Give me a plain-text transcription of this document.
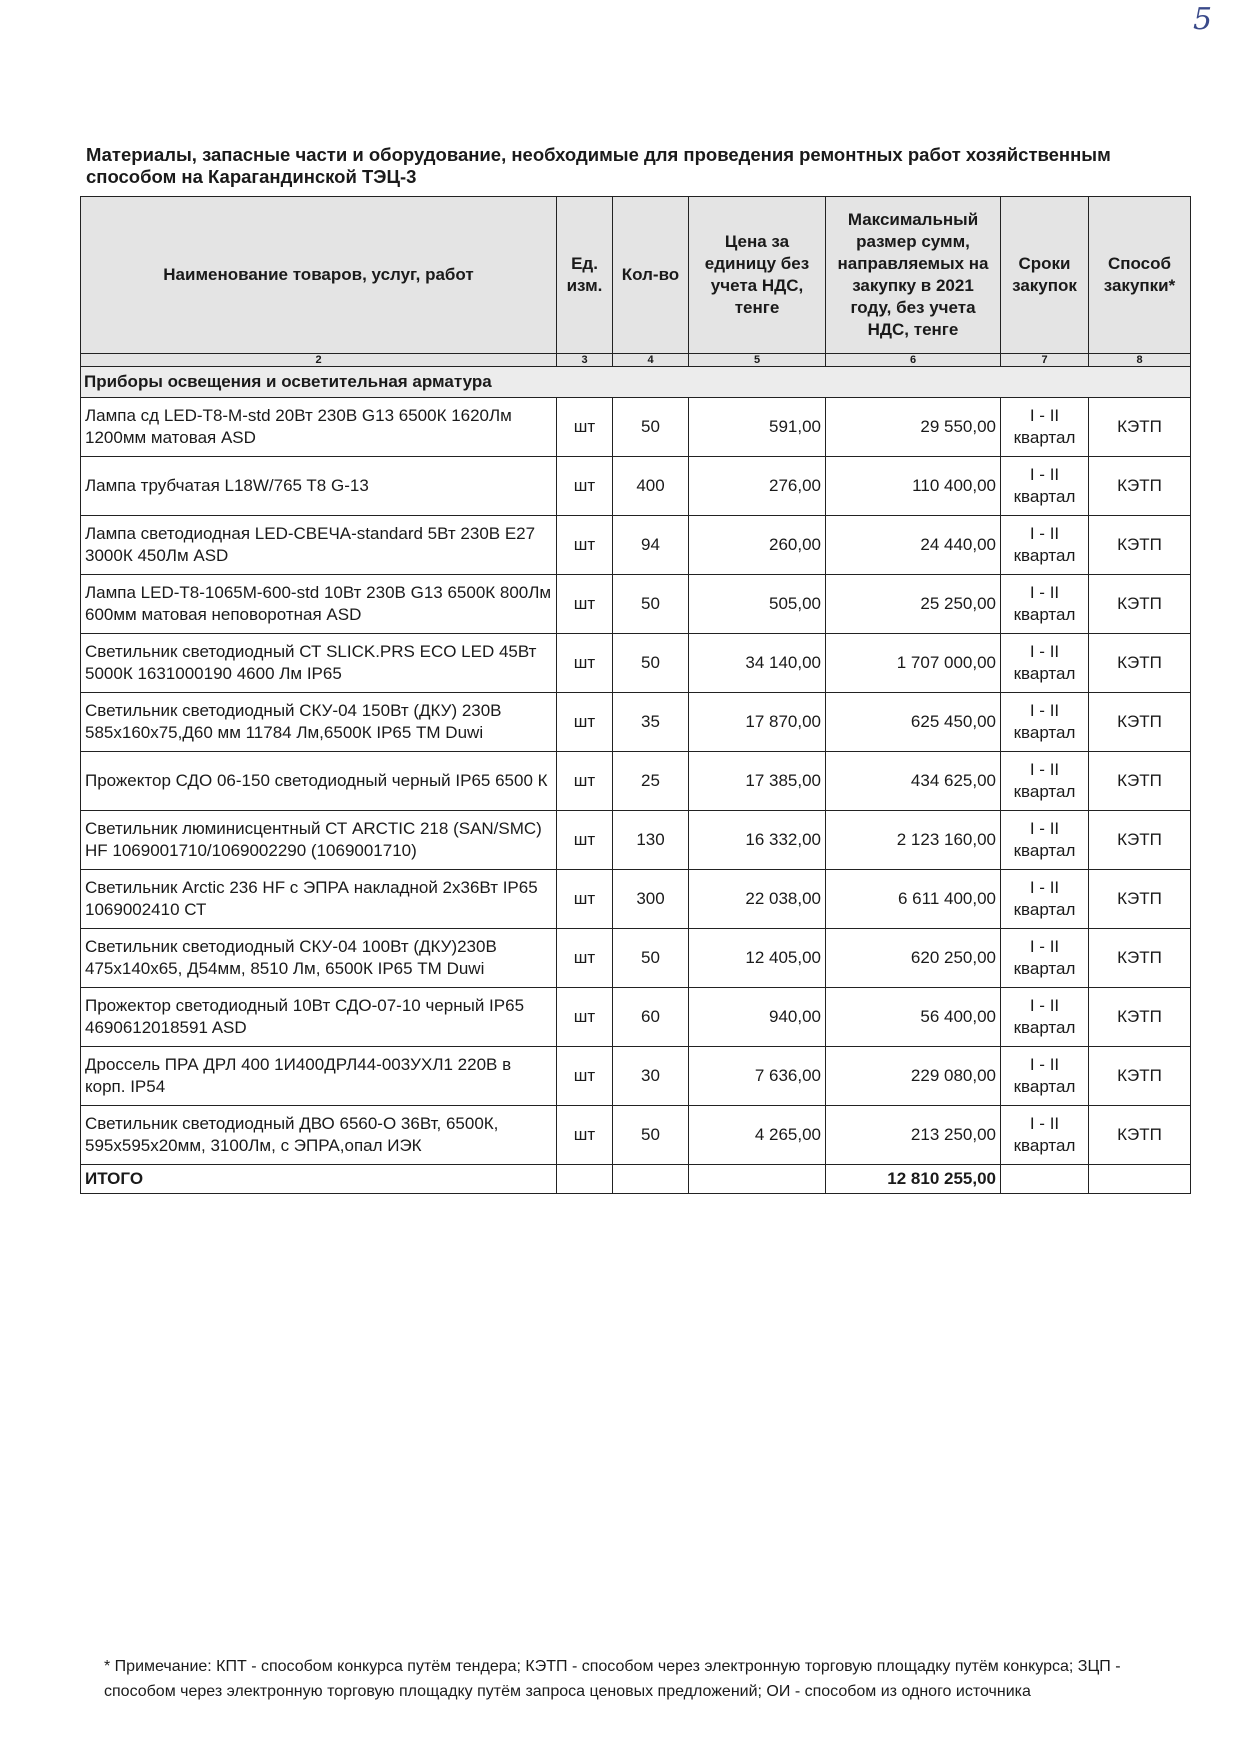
5
Материалы, запасные части и оборудование, необходимые для проведения ремонтных работ хозяйственным способом на Карагандинской ТЭЦ-3
Наименование товаров, услуг, работ	Ед. изм.	Кол-во	Цена за единицу без учета НДС, тенге	Максимальный размер сумм, направляемых на закупку в 2021 году, без учета НДС, тенге	Сроки закупок	Способ закупки*
2	3	4	5	6	7	8
Приборы освещения и осветительная арматура						
Лампа сд LED-T8-M-std 20Вт 230В G13 6500К 1620Лм 1200мм матовая ASD	шт	50	591,00	29 550,00	I - II квартал	КЭТП
Лампа трубчатая L18W/765 T8 G-13	шт	400	276,00	110 400,00	I - II квартал	КЭТП
Лампа светодиодная LED-СВЕЧА-standard 5Вт 230В E27 3000К 450Лм ASD	шт	94	260,00	24 440,00	I - II квартал	КЭТП
Лампа LED-T8-1065M-600-std 10Вт 230В G13 6500К 800Лм 600мм матовая неповоротная ASD	шт	50	505,00	25 250,00	I - II квартал	КЭТП
Светильник светодиодный СТ SLICK.PRS ECO LED 45Вт 5000К 1631000190 4600 Лм IP65	шт	50	34 140,00	1 707 000,00	I - II квартал	КЭТП
Светильник светодиодный СКУ-04 150Вт (ДКУ) 230В 585х160х75,Д60 мм 11784 Лм,6500К IP65 ТМ Duwi	шт	35	17 870,00	625 450,00	I - II квартал	КЭТП
Прожектор СДО 06-150 светодиодный черный IP65 6500 К	шт	25	17 385,00	434 625,00	I - II квартал	КЭТП
Светильник люминисцентный СТ ARCTIC 218 (SAN/SMC) HF 1069001710/1069002290 (1069001710)	шт	130	16 332,00	2 123 160,00	I - II квартал	КЭТП
Светильник Arctic 236 HF с ЭПРА накладной 2х36Вт IP65 1069002410 СТ	шт	300	22 038,00	6 611 400,00	I - II квартал	КЭТП
Светильник светодиодный СКУ-04 100Вт (ДКУ)230В 475х140х65, Д54мм, 8510 Лм, 6500К IP65 ТМ Duwi	шт	50	12 405,00	620 250,00	I - II квартал	КЭТП
Прожектор светодиодный 10Вт СДО-07-10 черный IP65 4690612018591 ASD	шт	60	940,00	56 400,00	I - II квартал	КЭТП
Дроссель ПРА ДРЛ 400 1И400ДРЛ44-003УХЛ1 220В в корп. IP54	шт	30	7 636,00	229 080,00	I - II квартал	КЭТП
Светильник светодиодный ДВО 6560-О 36Вт, 6500К, 595х595х20мм, 3100Лм, с ЭПРА,опал ИЭК	шт	50	4 265,00	213 250,00	I - II квартал	КЭТП
ИТОГО				12 810 255,00		
* Примечание: КПТ - способом конкурса путём тендера; КЭТП - способом через электронную торговую площадку путём конкурса; ЗЦП - способом через электронную торговую площадку путём запроса ценовых предложений; ОИ - способом из одного источника
